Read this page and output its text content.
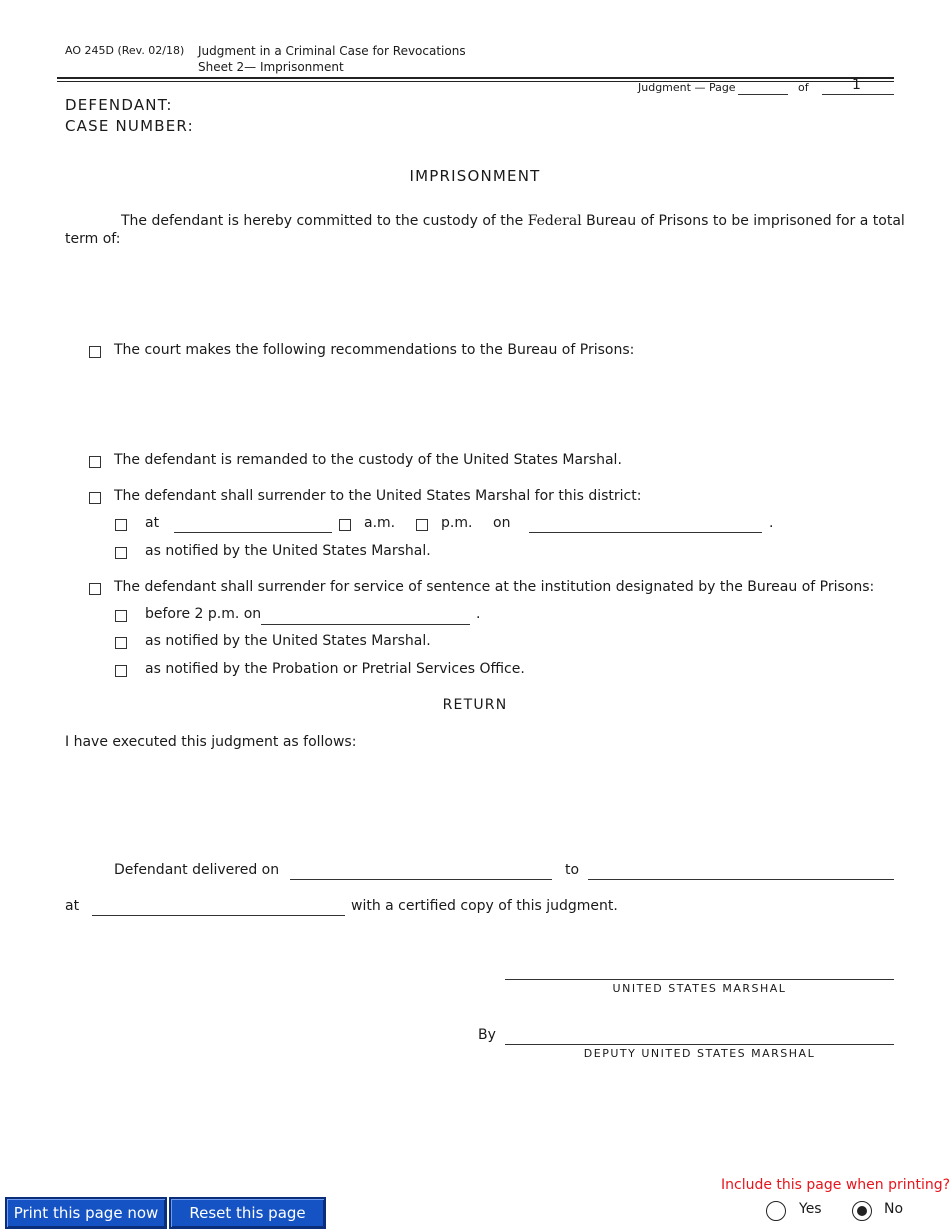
AO 245D (Rev. 02/18) Judgment in a Criminal Case for Revocations
Sheet 2— Imprisonment
Judgment — Page	of	1
DEFENDANT:
CASE NUMBER:
IMPRISONMENT
The defendant is hereby committed to the custody of the Federal Bureau of Prisons to be imprisoned for a total
term of:
The court makes the following recommendations to the Bureau of Prisons:
The defendant is remanded to the custody of the United States Marshal.
The defendant shall surrender to the United States Marshal for this district:
at	a.m.	p.m. on	.
as notified by the United States Marshal.
The defendant shall surrender for service of sentence at the institution designated by the Bureau of Prisons:
before 2 p.m. on	.
as notified by the United States Marshal.
as notified by the Probation or Pretrial Services Office.
RETURN
I have executed this judgment as follows:
Defendant delivered on	to
at	with a certified copy of this judgment.
UNITED STATES MARSHAL
By
DEPUTY UNITED STATES MARSHAL
Print this page now	Reset this page
Include this page when printing?
Yes	No
